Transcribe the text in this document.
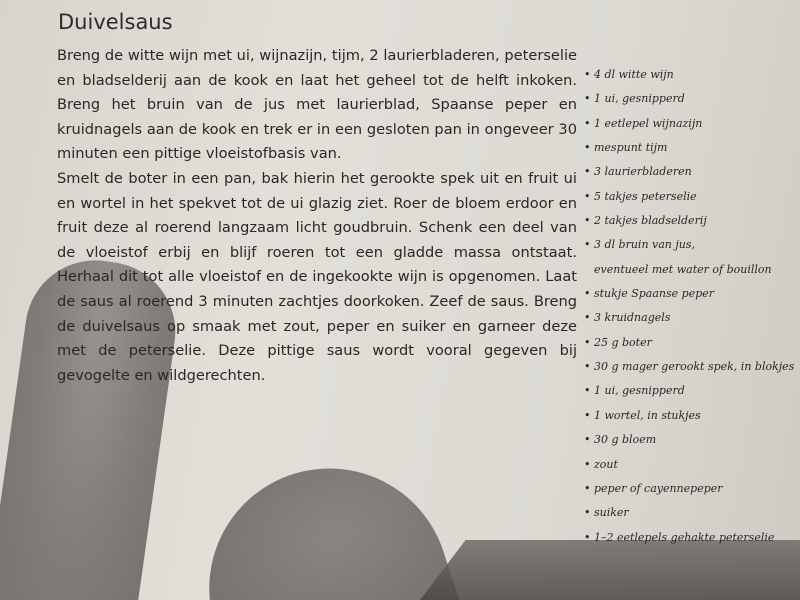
Duivelsaus

Breng de witte wijn met ui, wijnazijn, tijm, 2 laurierbladeren, peterselie en bladselderij aan de kook en laat het geheel tot de helft inkoken. Breng het bruin van de jus met laurierblad, Spaanse peper en kruidnagels aan de kook en trek er in een gesloten pan in ongeveer 30 minuten een pittige vloeistofbasis van.

Smelt de boter in een pan, bak hierin het gerookte spek uit en fruit ui en wortel in het spekvet tot de ui glazig ziet. Roer de bloem erdoor en fruit deze al roerend langzaam licht goudbruin. Schenk een deel van de vloeistof erbij en blijf roeren tot een gladde massa ontstaat. Herhaal dit tot alle vloeistof en de ingekookte wijn is opgenomen. Laat de saus al roerend 3 minuten zachtjes doorkoken. Zeef de saus. Breng de duivelsaus op smaak met zout, peper en suiker en garneer deze met de peterselie. Deze pittige saus wordt vooral gegeven bij gevogelte en wildgerechten.

• 4 dl witte wijn
• 1 ui, gesnipperd
• 1 eetlepel wijnazijn
• mespunt tijm
• 3 laurierbladeren
• 5 takjes peterselie
• 2 takjes bladselderij
• 3 dl bruin van jus,
eventueel met water of bouillon
• stukje Spaanse peper
• 3 kruidnagels
• 25 g boter
• 30 g mager gerookt spek, in blokjes
• 1 ui, gesnipperd
• 1 wortel, in stukjes
• 30 g bloem
• zout
• peper of cayennepeper
• suiker
• 1–2 eetlepels gehakte peterselie
